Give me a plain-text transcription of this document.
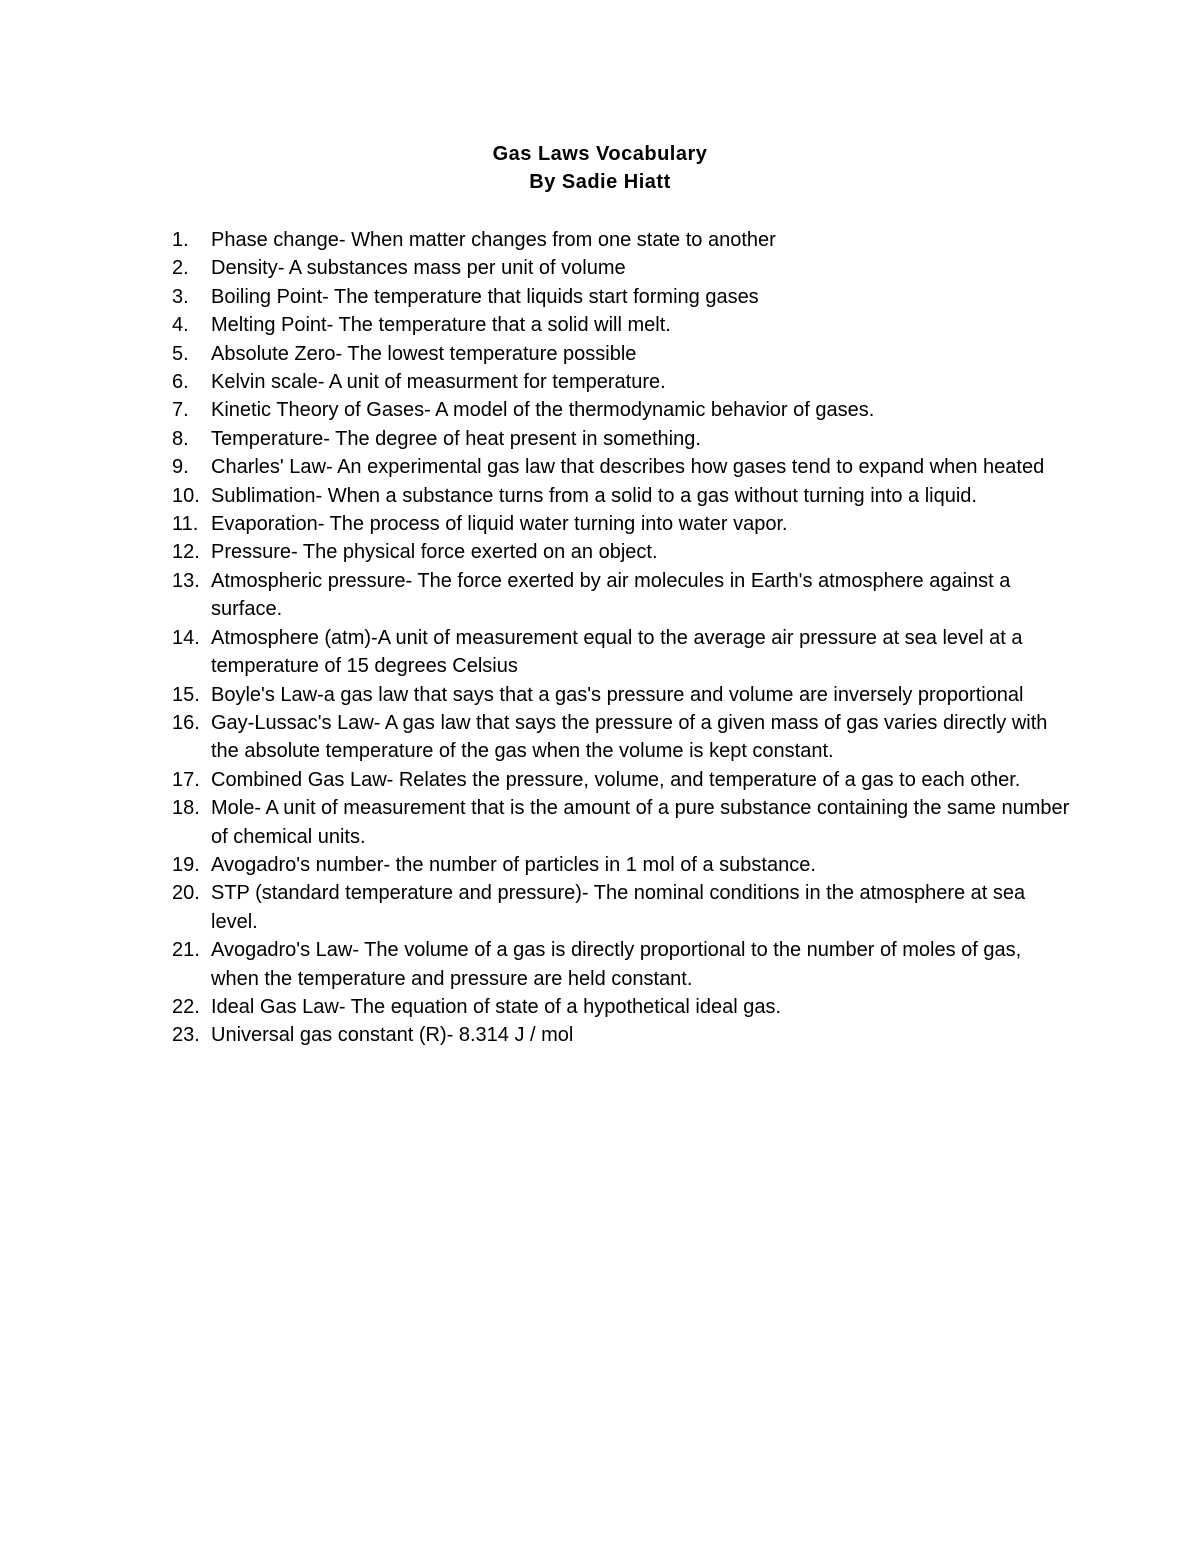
Gas Laws Vocabulary

By Sadie Hiatt

1.	Phase change- When matter changes from one state to another
2.	Density- A substances mass per unit of volume
3.	Boiling Point- The temperature that liquids start forming gases
4.	Melting Point- The temperature that a solid will melt.
5.	Absolute Zero- The lowest temperature possible
6.	Kelvin scale- A unit of measurment for temperature.
7.	Kinetic Theory of Gases- A model of the thermodynamic behavior of gases.
8.	Temperature- The degree of heat present in something.
9.	Charles' Law- An experimental gas law that describes how gases tend to expand when heated
10. Sublimation- When a substance turns from a solid to a gas without turning into a liquid.
11. Evaporation- The process of liquid water turning into water vapor.
12. Pressure- The physical force exerted on an object.
13. Atmospheric pressure- The force exerted by air molecules in Earth's atmosphere against a surface.
14. Atmosphere (atm)-A unit of measurement equal to the average air pressure at sea level at a temperature of 15 degrees Celsius
15. Boyle's Law-a gas law that says that a gas's pressure and volume are inversely proportional
16. Gay-Lussac's Law- A gas law that says the pressure of a given mass of gas varies directly with the absolute temperature of the gas when the volume is kept constant.
17. Combined Gas Law- Relates the pressure, volume, and temperature of a gas to each other.
18. Mole- A unit of measurement that is the amount of a pure substance containing the same number of chemical units.
19. Avogadro's number- the number of particles in 1 mol of a substance.
20. STP (standard temperature and pressure)- The nominal conditions in the atmosphere at sea level.
21. Avogadro's Law- The volume of a gas is directly proportional to the number of moles of gas, when the temperature and pressure are held constant.
22. Ideal Gas Law- The equation of state of a hypothetical ideal gas.
23. Universal gas constant (R)- 8.314 J / mol
